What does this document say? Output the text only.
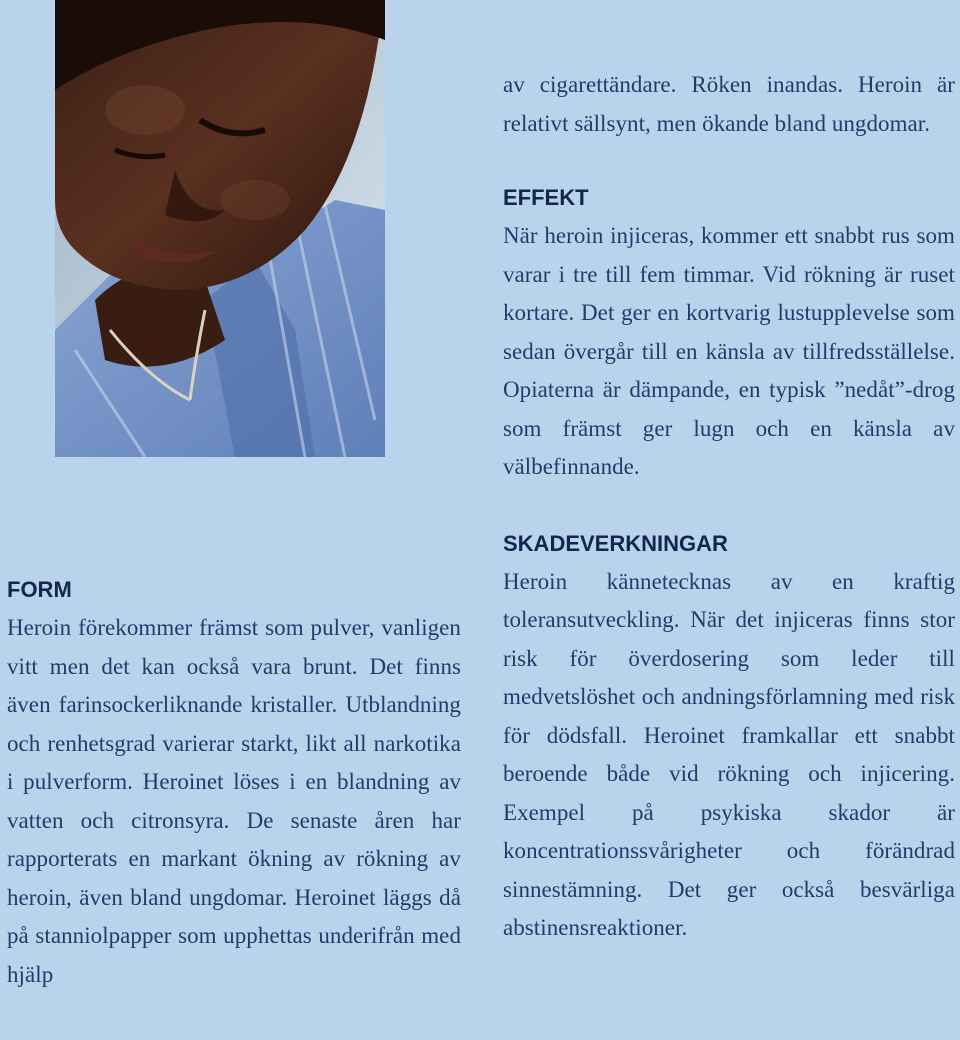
FORM

Heroin förekommer främst som pulver, vanligen vitt men det kan också vara brunt. Det finns även farinsockerliknande kristaller. Utblandning och renhetsgrad varierar starkt, likt all narkotika i pulverform. Heroinet löses i en blandning av vatten och citronsyra. De senaste åren har rapporterats en markant ökning av rökning av heroin, även bland ungdomar. Heroinet läggs då på stanniolpapper som upphettas underifrån med hjälp

av cigarettändare. Röken inandas. Heroin är relativt sällsynt, men ökande bland ungdomar.

EFFEKT

När heroin injiceras, kommer ett snabbt rus som varar i tre till fem timmar. Vid rökning är ruset kortare. Det ger en kortvarig lustupplevelse som sedan övergår till en känsla av tillfredsställelse. Opiaterna är dämpande, en typisk ”nedåt”-drog som främst ger lugn och en känsla av välbefinnande.

SKADEVERKNINGAR

Heroin kännetecknas av en kraftig toleransutveckling. När det injiceras finns stor risk för överdosering som leder till medvetslöshet och andningsförlamning med risk för dödsfall. Heroinet framkallar ett snabbt beroende både vid rökning och injicering. Exempel på psykiska skador är koncentrationssvårigheter och förändrad sinnestämning. Det ger också besvärliga abstinensreaktioner.
